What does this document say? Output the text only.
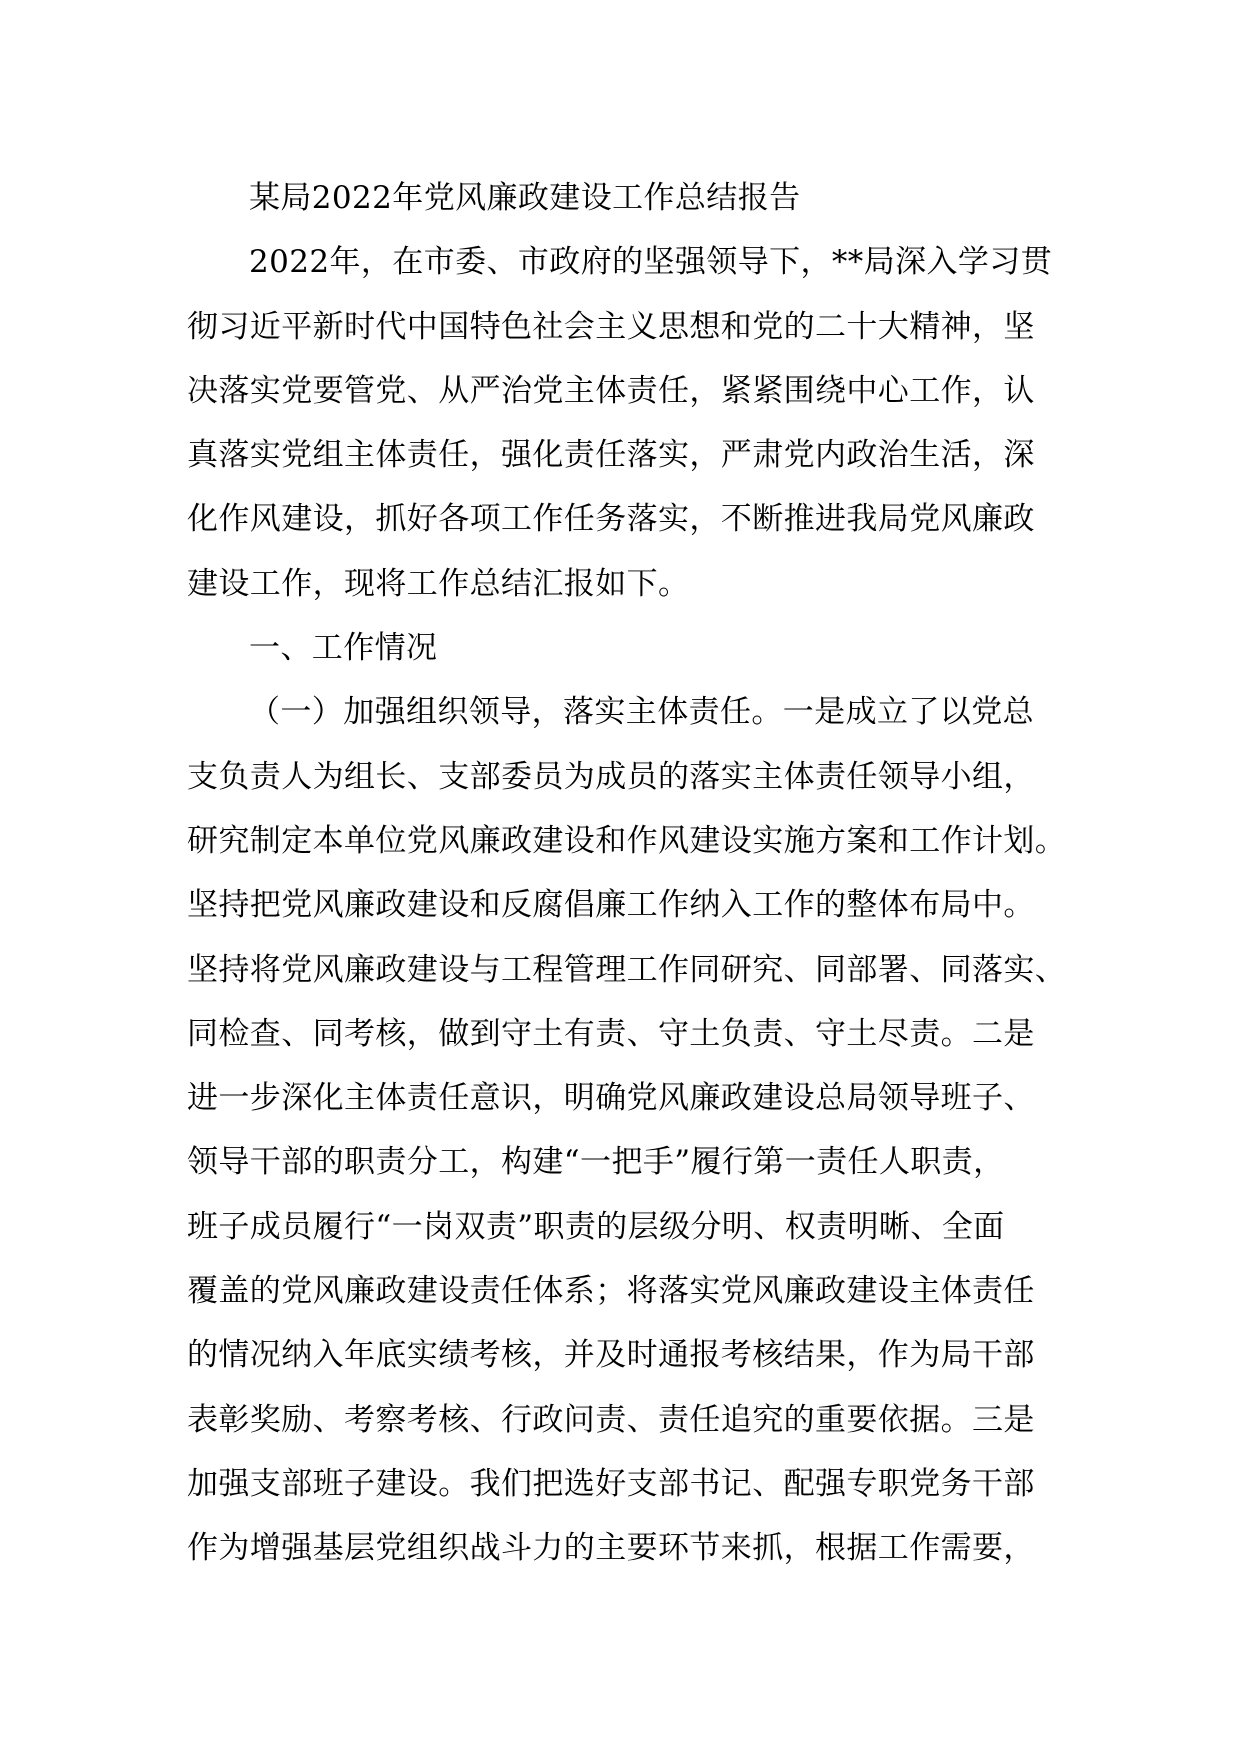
某局2022年党风廉政建设工作总结报告
2022年，在市委、市政府的坚强领导下，**局深入学习贯
彻习近平新时代中国特色社会主义思想和党的二十大精神，坚
决落实党要管党、从严治党主体责任，紧紧围绕中心工作，认
真落实党组主体责任，强化责任落实，严肃党内政治生活，深
化作风建设，抓好各项工作任务落实，不断推进我局党风廉政
建设工作，现将工作总结汇报如下。
一、工作情况
（一）加强组织领导，落实主体责任。一是成立了以党总
支负责人为组长、支部委员为成员的落实主体责任领导小组，
研究制定本单位党风廉政建设和作风建设实施方案和工作计划。
坚持把党风廉政建设和反腐倡廉工作纳入工作的整体布局中。
坚持将党风廉政建设与工程管理工作同研究、同部署、同落实、
同检查、同考核，做到守土有责、守土负责、守土尽责。二是
进一步深化主体责任意识，明确党风廉政建设总局领导班子、
领导干部的职责分工，构建“一把手”履行第一责任人职责，
班子成员履行“一岗双责”职责的层级分明、权责明晰、全面
覆盖的党风廉政建设责任体系；将落实党风廉政建设主体责任
的情况纳入年底实绩考核，并及时通报考核结果，作为局干部
表彰奖励、考察考核、行政问责、责任追究的重要依据。三是
加强支部班子建设。我们把选好支部书记、配强专职党务干部
作为增强基层党组织战斗力的主要环节来抓，根据工作需要，
